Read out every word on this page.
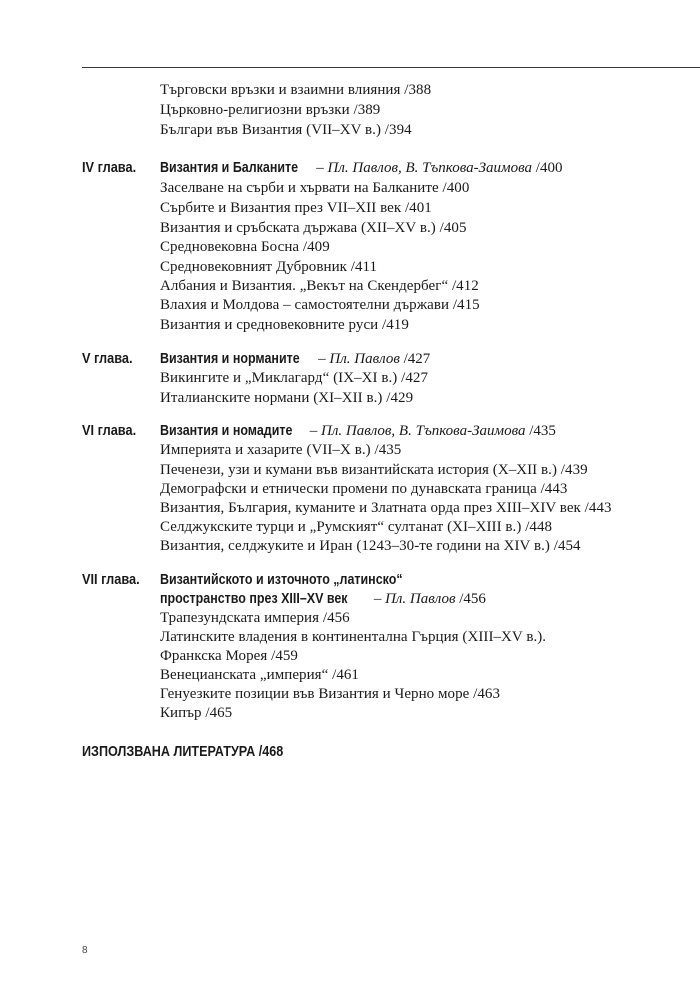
Търговски връзки и взаимни влияния /388
Църковно-религиозни връзки /389
Българи във Византия (VII–XV в.) /394
IV глава. Византия и Балканите – Пл. Павлов, В. Тъпкова-Заимова /400
Заселване на сърби и хървати на Балканите /400
Сърбите и Византия през VII–XII век /401
Византия и сръбската държава (XII–XV в.) /405
Средновековна Босна /409
Средновековният Дубровник /411
Албания и Византия. „Векът на Скендербег“ /412
Влахия и Молдова – самостоятелни държави /415
Византия и средновековните руси /419
V глава. Византия и норманите – Пл. Павлов /427
Викингите и „Миклагард“ (IX–XI в.) /427
Италианските нормани (XI–XII в.) /429
VI глава. Византия и номадите – Пл. Павлов, В. Тъпкова-Заимова /435
Империята и хазарите (VII–X в.) /435
Печенези, узи и кумани във византийската история (X–XII в.) /439
Демографски и етнически промени по дунавската граница /443
Византия, България, куманите и Златната орда през XIII–XIV век /443
Селджукските турци и „Румският“ султанат (XI–XIII в.) /448
Византия, селджуките и Иран (1243–30-те години на XIV в.) /454
VII глава. Византийското и източното „латинско“
пространство през XIII–XV век – Пл. Павлов /456
Трапезундската империя /456
Латинските владения в континентална Гърция (XIII–XV в.).
Франкска Морея /459
Венецианската „империя“ /461
Генуезките позиции във Византия и Черно море /463
Кипър /465
ИЗПОЛЗВАНА ЛИТЕРАТУРА /468
8
